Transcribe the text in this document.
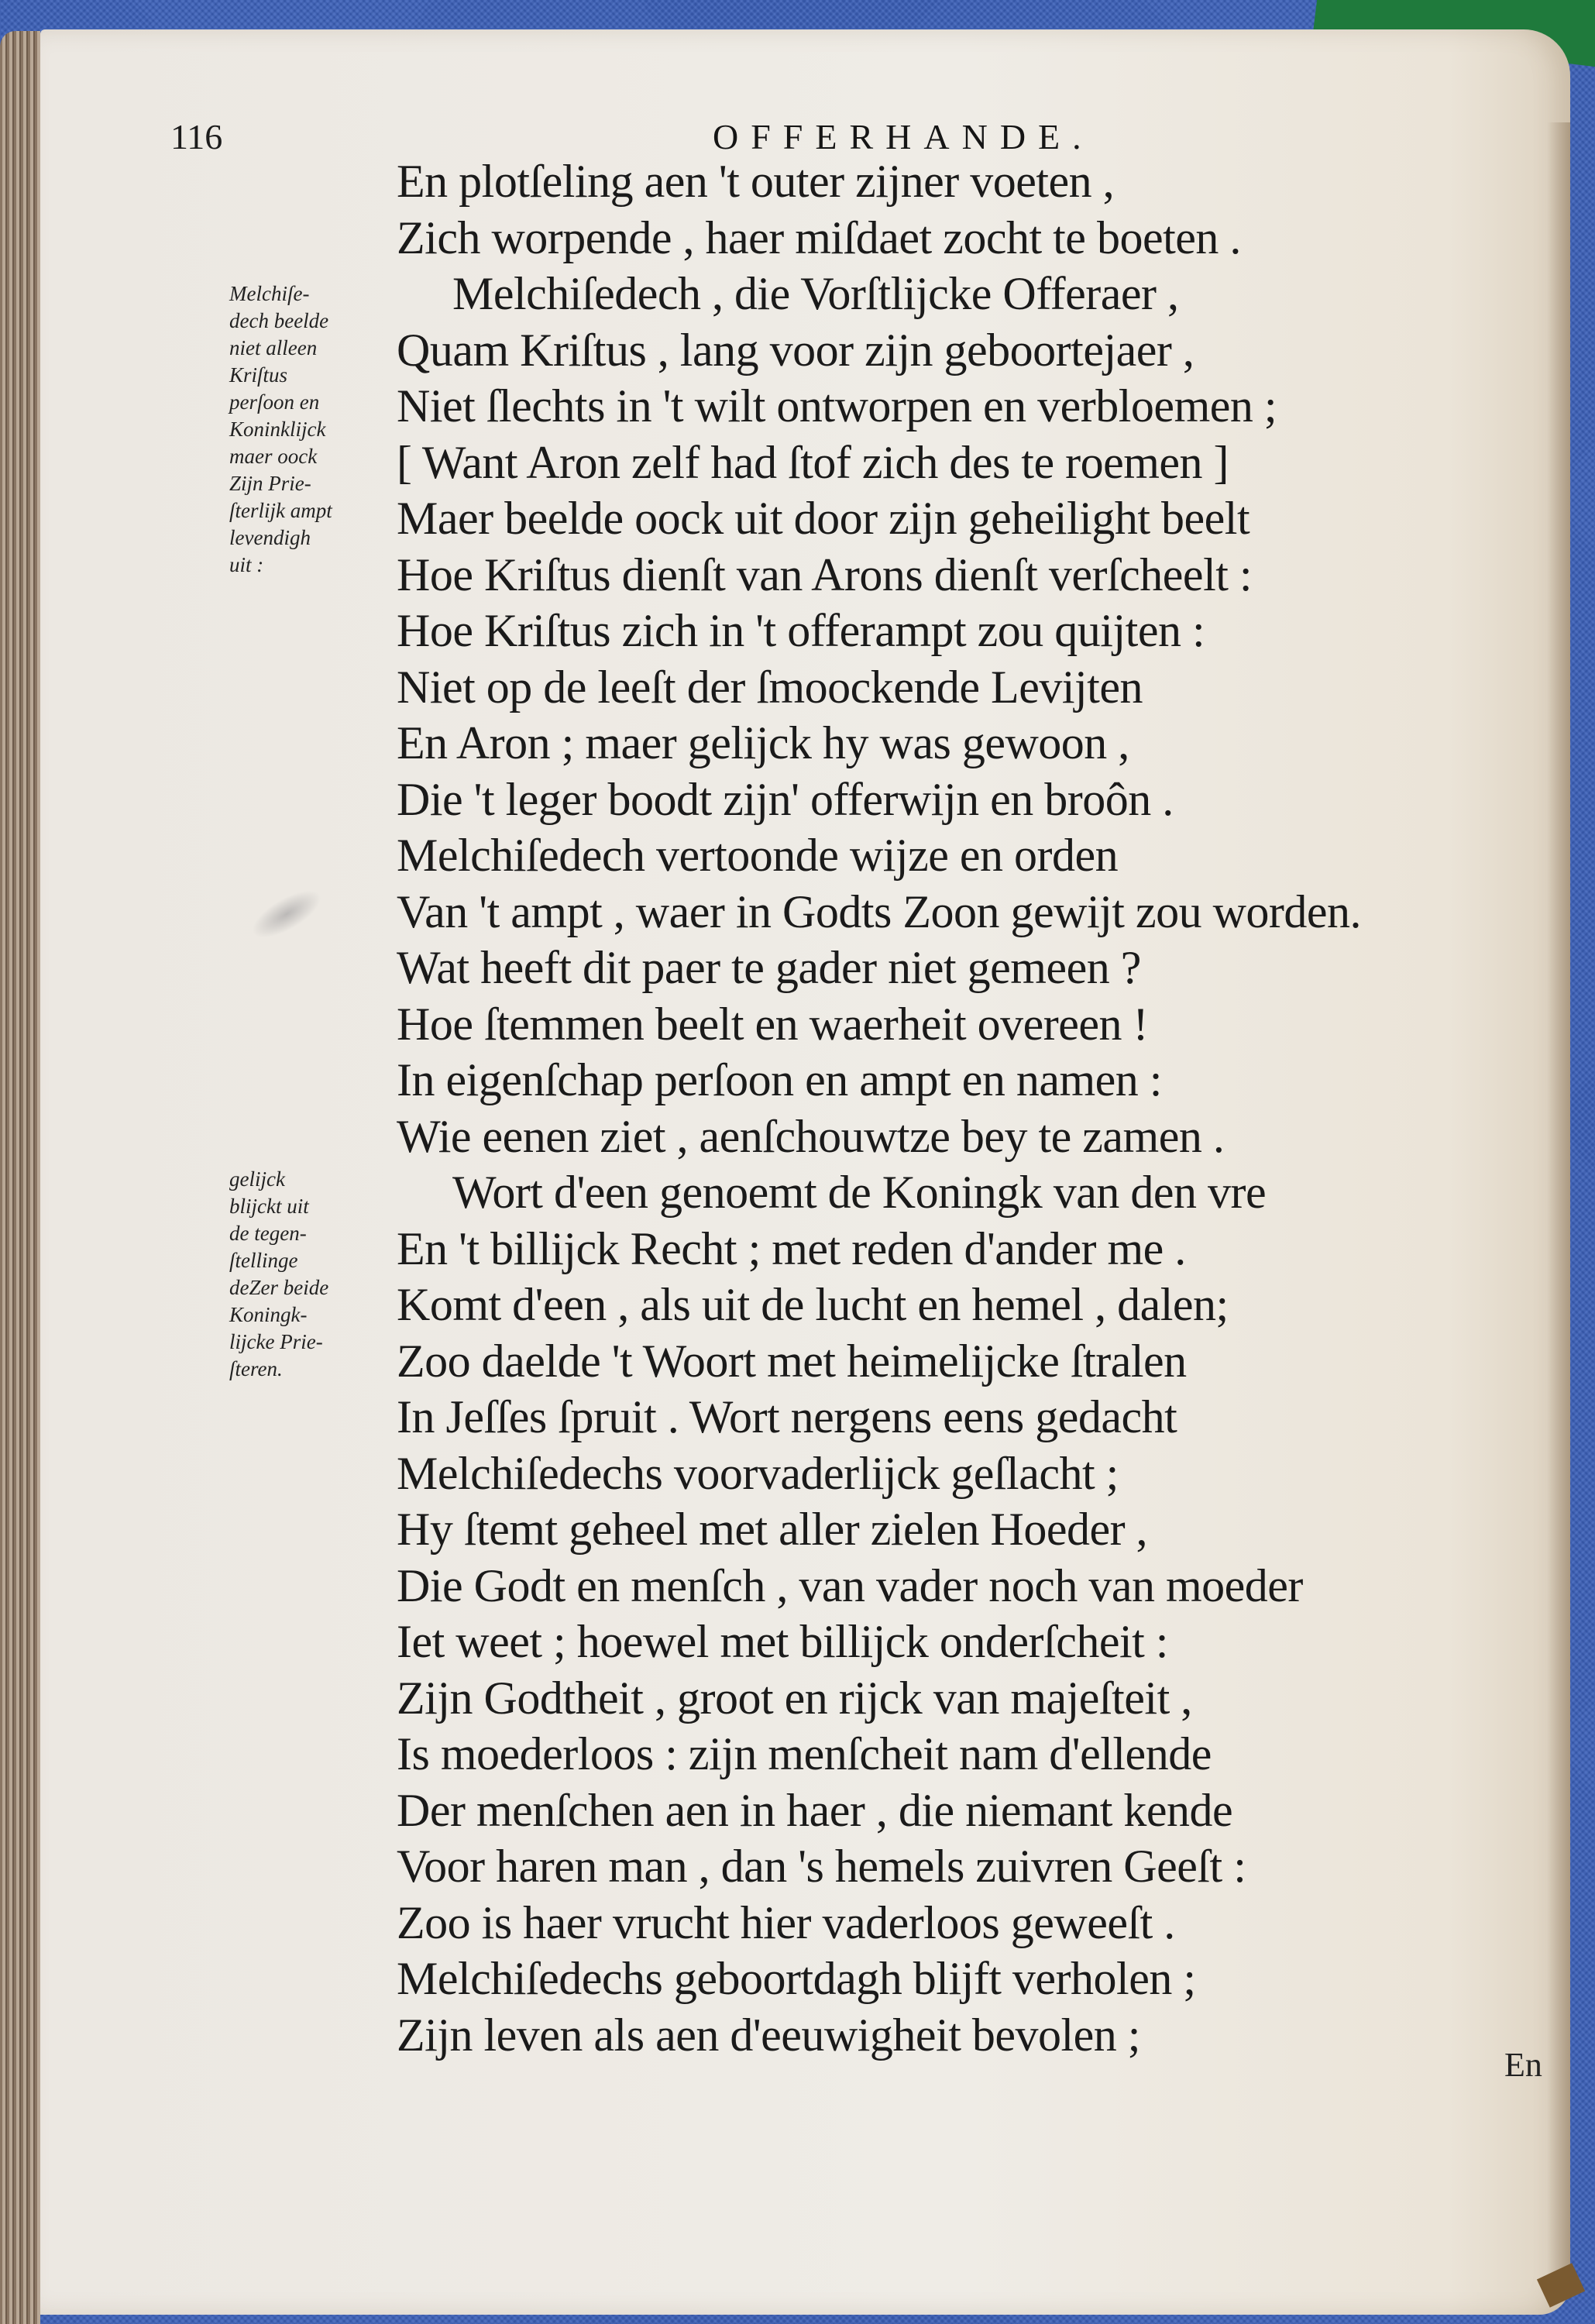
116	OFFERHANDE.
Melchiſe-
dech beelde
niet alleen
Kriſtus
perſoon en
Koninklijck
maer oock
Zijn Prie-
ſterlijk ampt
levendigh
uit :
gelijck
blijckt uit
de tegen-
ſtellinge
deZer beide
Koningk-
lijcke Prie-
ſteren.
En plotſeling aen 't outer zijner voeten ,
Zich worpende , haer miſdaet zocht te boeten .
Melchiſedech , die Vorſtlijcke Offeraer ,
Quam Kriſtus , lang voor zijn geboortejaer ,
Niet ſlechts in 't wilt ontworpen en verbloemen ;
[ Want Aron zelf had ſtof zich des te roemen ]
Maer beelde oock uit door zijn geheilight beelt
Hoe Kriſtus dienſt van Arons dienſt verſcheelt :
Hoe Kriſtus zich in 't offerampt zou quijten :
Niet op de leeſt der ſmoockende Levijten
En Aron ; maer gelijck hy was gewoon ,
Die 't leger boodt zijn' offerwijn en broôn .
Melchiſedech vertoonde wijze en orden
Van 't ampt , waer in Godts Zoon gewijt zou worden.
Wat heeft dit paer te gader niet gemeen ?
Hoe ſtemmen beelt en waerheit overeen !
In eigenſchap perſoon en ampt en namen :
Wie eenen ziet , aenſchouwtze bey te zamen .
Wort d'een genoemt de Koningk van den vre
En 't billijck Recht ; met reden d'ander me .
Komt d'een , als uit de lucht en hemel , dalen;
Zoo daelde 't Woort met heimelijcke ſtralen
In Jeſſes ſpruit . Wort nergens eens gedacht
Melchiſedechs voorvaderlijck geſlacht ;
Hy ſtemt geheel met aller zielen Hoeder ,
Die Godt en menſch , van vader noch van moeder
Iet weet ; hoewel met billijck onderſcheit :
Zijn Godtheit , groot en rijck van majeſteit ,
Is moederloos : zijn menſcheit nam d'ellende
Der menſchen aen in haer , die niemant kende
Voor haren man , dan 's hemels zuivren Geeſt :
Zoo is haer vrucht hier vaderloos geweeſt .
Melchiſedechs geboortdagh blijft verholen ;
Zijn leven als aen d'eeuwigheit bevolen ;
En
